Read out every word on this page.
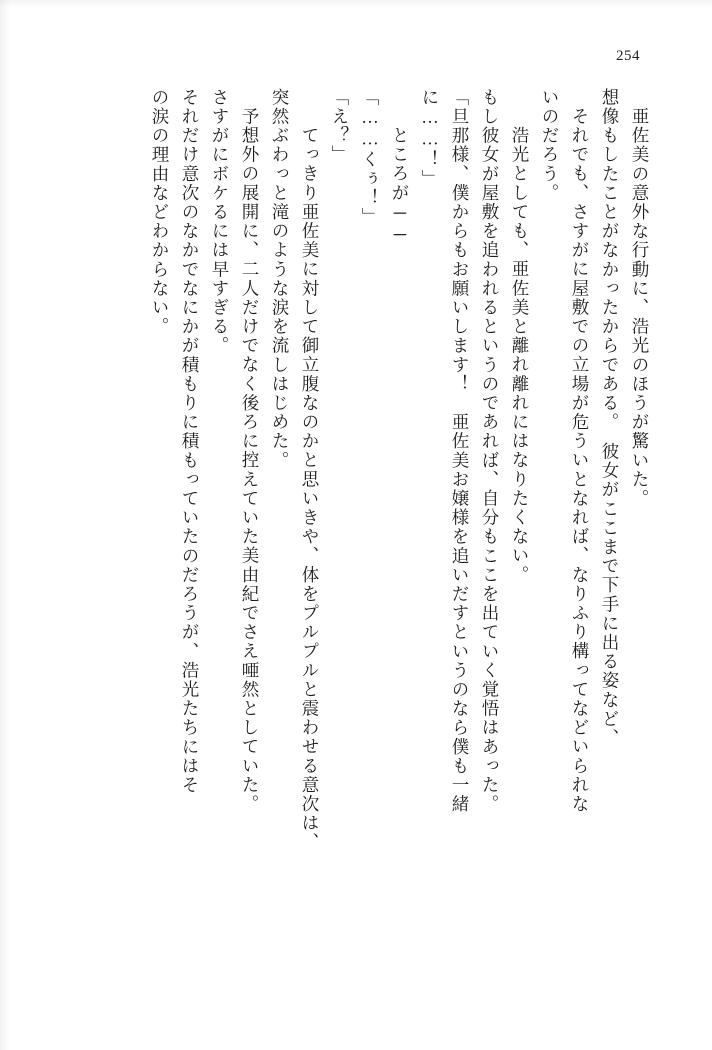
254
　亜佐美の意外な行動に、浩光のほうが驚いた。
想像もしたことがなかったからである。　彼女がここまで下手に出る姿など、
それでも、さすがに屋敷での立場が危ういとなれば、なりふり構ってなどいられな
いのだろう。
　浩光としても、亜佐美と離れ離れにはなりたくない。
もし彼女が屋敷を追われるというのであれば、自分もここを出ていく覚悟はあった。
「旦那様、僕からもお願いします！　亜佐美お嬢様を追いだすというのなら僕も一緒
に……！」
　ところが──
「……くぅ！」
「え？」
　てっきり亜佐美に対して御立腹なのかと思いきや、体をプルプルと震わせる意次は、
突然ぶわっと滝のような涙を流しはじめた。
予想外の展開に、二人だけでなく後ろに控えていた美由紀でさえ唖然としていた。
さすがにボケるには早すぎる。
それだけ意次のなかでなにかが積もりに積もっていたのだろうが、浩光たちにはそ
の涙の理由などわからない。
